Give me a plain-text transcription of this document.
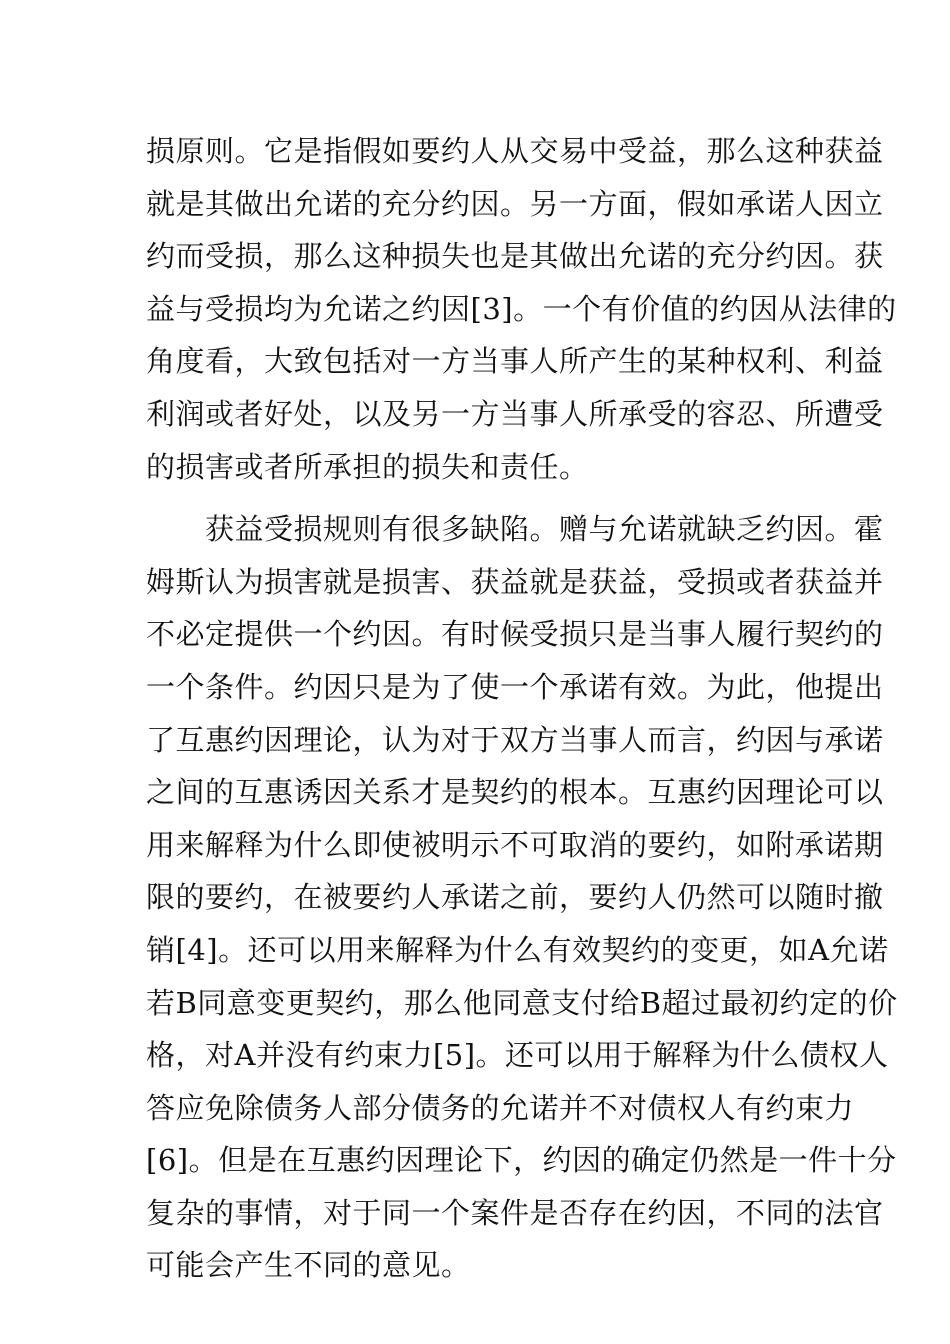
损原则。它是指假如要约人从交易中受益，那么这种获益
就是其做出允诺的充分约因。另一方面，假如承诺人因立
约而受损，那么这种损失也是其做出允诺的充分约因。获
益与受损均为允诺之约因[3]。一个有价值的约因从法律的
角度看，大致包括对一方当事人所产生的某种权利、利益
利润或者好处，以及另一方当事人所承受的容忍、所遭受
的损害或者所承担的损失和责任。
　　获益受损规则有很多缺陷。赠与允诺就缺乏约因。霍
姆斯认为损害就是损害、获益就是获益，受损或者获益并
不必定提供一个约因。有时候受损只是当事人履行契约的
一个条件。约因只是为了使一个承诺有效。为此，他提出
了互惠约因理论，认为对于双方当事人而言，约因与承诺
之间的互惠诱因关系才是契约的根本。互惠约因理论可以
用来解释为什么即使被明示不可取消的要约，如附承诺期
限的要约，在被要约人承诺之前，要约人仍然可以随时撤
销[4]。还可以用来解释为什么有效契约的变更，如A允诺
若B同意变更契约，那么他同意支付给B超过最初约定的价
格，对A并没有约束力[5]。还可以用于解释为什么债权人
答应免除债务人部分债务的允诺并不对债权人有约束力
[6]。但是在互惠约因理论下，约因的确定仍然是一件十分
复杂的事情，对于同一个案件是否存在约因，不同的法官
可能会产生不同的意见。
